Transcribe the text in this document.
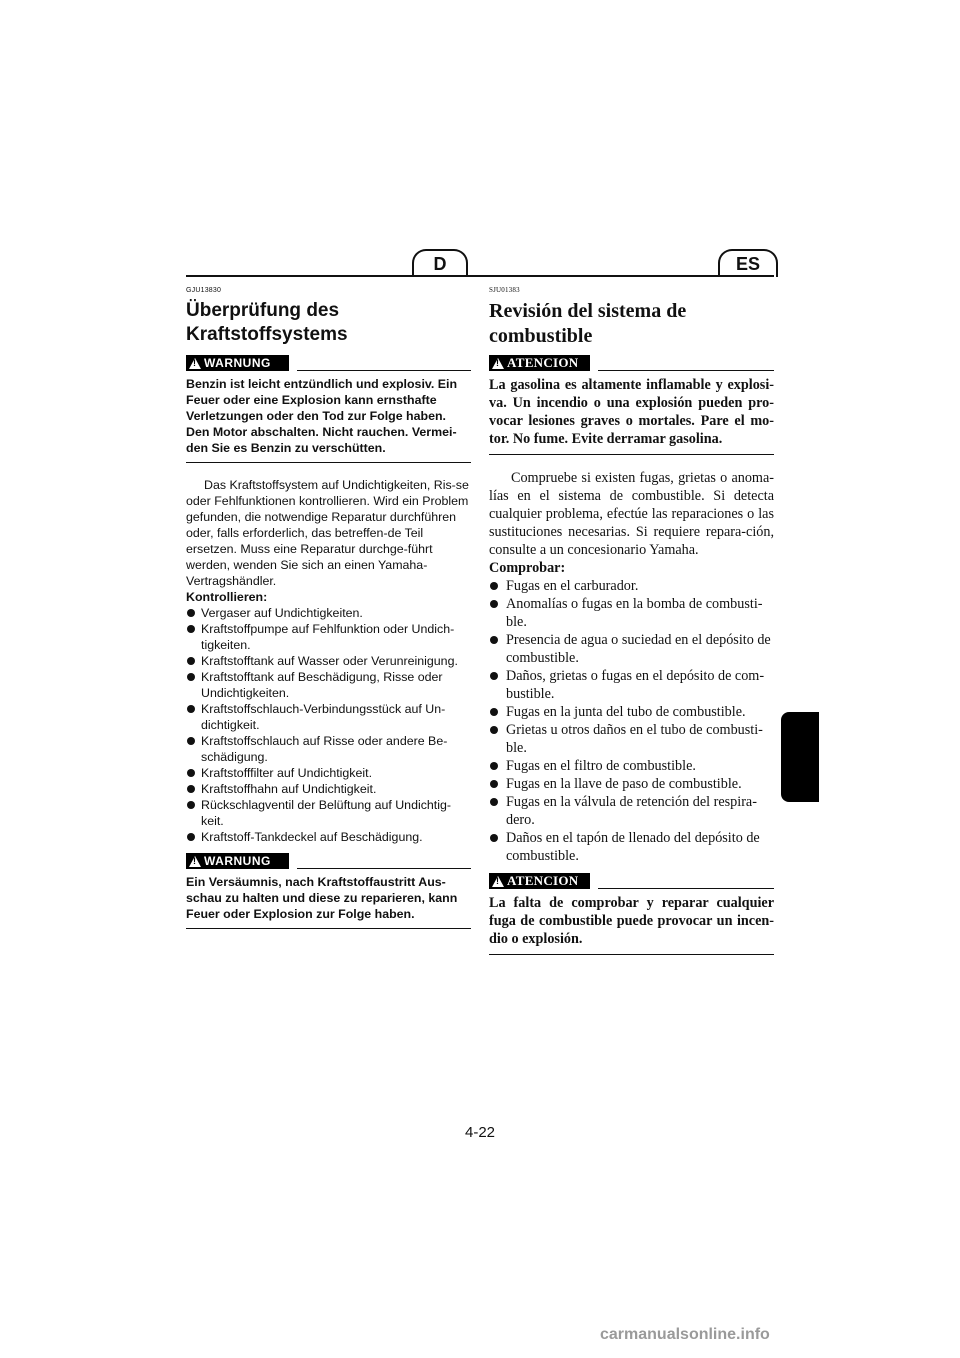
D	ES
GJU13830
Überprüfung des
Kraftstoffsystems
!
WARNUNG

Benzin ist leicht entzündlich und explosiv. Ein Feuer oder eine Explosion kann ernsthafte Verletzungen oder den Tod zur Folge haben. Den Motor abschalten. Nicht rauchen. Vermei-den Sie es Benzin zu verschütten.

Das Kraftstoffsystem auf Undichtigkeiten, Ris-se oder Fehlfunktionen kontrollieren. Wird ein Problem gefunden, die notwendige Reparatur durchführen oder, falls erforderlich, das betreffen-de Teil ersetzen. Muss eine Reparatur durchge-führt werden, wenden Sie sich an einen Yamaha-Vertragshändler.

Kontrollieren:

Vergaser auf Undichtigkeiten.
Kraftstoffpumpe auf Fehlfunktion oder Undich-tigkeiten.
Kraftstofftank auf Wasser oder Verunreinigung.
Kraftstofftank auf Beschädigung, Risse oder Undichtigkeiten.
Kraftstoffschlauch-Verbindungsstück auf Un-dichtigkeit.
Kraftstoffschlauch auf Risse oder andere Be-schädigung.
Kraftstofffilter auf Undichtigkeit.
Kraftstoffhahn auf Undichtigkeit.
Rückschlagventil der Belüftung auf Undichtig-keit.
Kraftstoff-Tankdeckel auf Beschädigung.
!
WARNUNG

Ein Versäumnis, nach Kraftstoffaustritt Aus-schau zu halten und diese zu reparieren, kann Feuer oder Explosion zur Folge haben.

SJU01383
Revisión del sistema de
combustible
!
ATENCION

La gasolina es altamente inflamable y explosi-va. Un incendio o una explosión pueden pro-vocar lesiones graves o mortales. Pare el mo-tor. No fume. Evite derramar gasolina.

Compruebe si existen fugas, grietas o anoma-lías en el sistema de combustible. Si detecta cualquier problema, efectúe las reparaciones o las sustituciones necesarias. Si requiere repara-ción, consulte a un concesionario Yamaha.

Comprobar:

Fugas en el carburador.
Anomalías o fugas en la bomba de combusti-ble.
Presencia de agua o suciedad en el depósito de combustible.
Daños, grietas o fugas en el depósito de com-bustible.
Fugas en la junta del tubo de combustible.
Grietas u otros daños en el tubo de combusti-ble.
Fugas en el filtro de combustible.
Fugas en la llave de paso de combustible.
Fugas en la válvula de retención del respira-dero.
Daños en el tapón de llenado del depósito de combustible.
!
ATENCION

La falta de comprobar y reparar cualquier fuga de combustible puede provocar un incen-dio o explosión.

4-22
carmanualsonline.info
